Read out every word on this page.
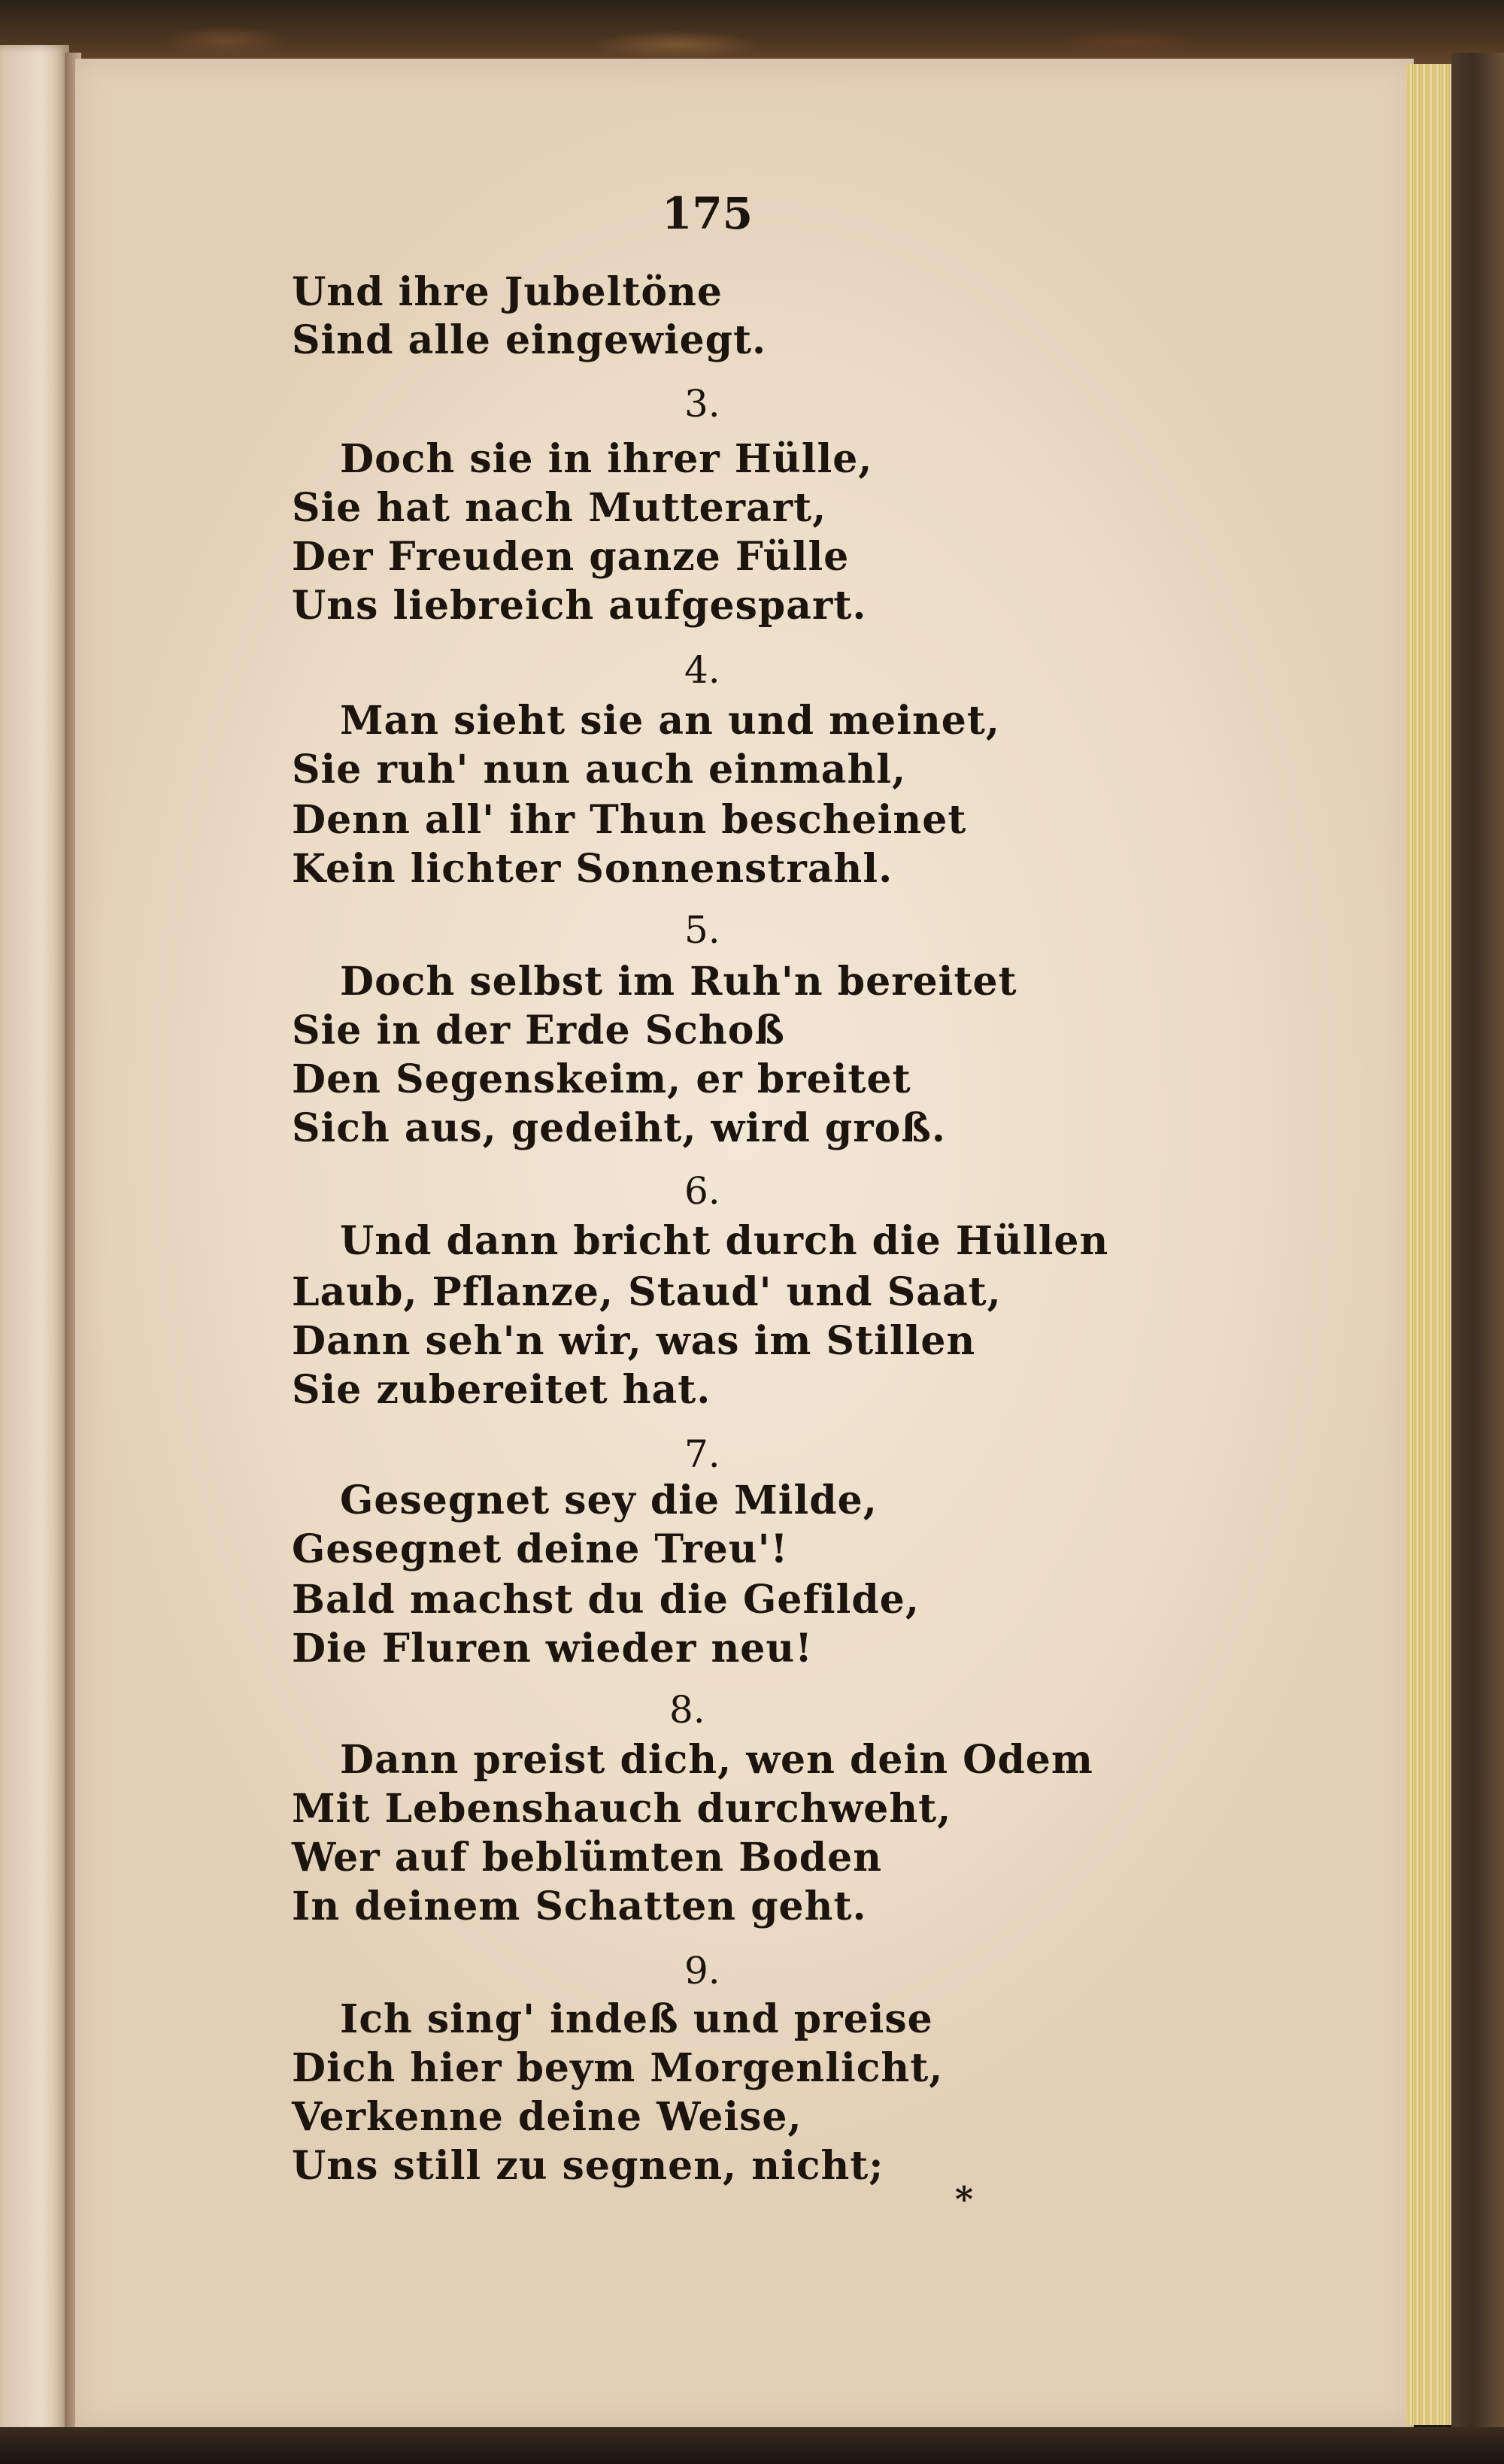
175
Und ihre Jubeltöne
Sind alle eingewiegt.
3.
Doch sie in ihrer Hülle,
Sie hat nach Mutterart,
Der Freuden ganze Fülle
Uns liebreich aufgespart.
4.
Man sieht sie an und meinet,
Sie ruh' nun auch einmahl,
Denn all' ihr Thun bescheinet
Kein lichter Sonnenstrahl.
5.
Doch selbst im Ruh'n bereitet
Sie in der Erde Schoß
Den Segenskeim, er breitet
Sich aus, gedeiht, wird groß.
6.
Und dann bricht durch die Hüllen
Laub, Pflanze, Staud' und Saat,
Dann seh'n wir, was im Stillen
Sie zubereitet hat.
7.
Gesegnet sey die Milde,
Gesegnet deine Treu'!
Bald machst du die Gefilde,
Die Fluren wieder neu!
8.
Dann preist dich, wen dein Odem
Mit Lebenshauch durchweht,
Wer auf beblümten Boden
In deinem Schatten geht.
9.
Ich sing' indeß und preise
Dich hier beym Morgenlicht,
Verkenne deine Weise,
Uns still zu segnen, nicht;
*
